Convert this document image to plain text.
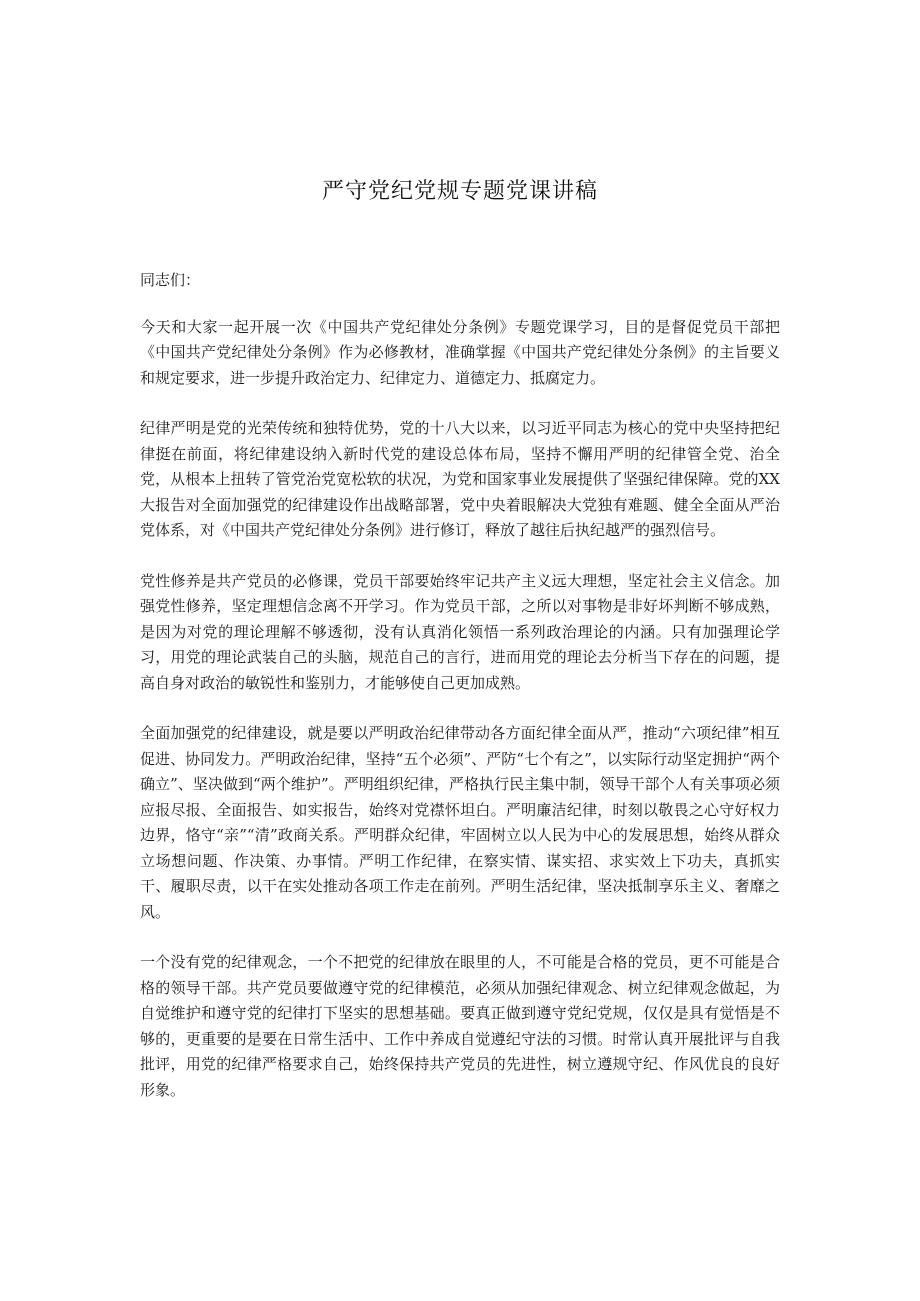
严守党纪党规专题党课讲稿

同志们：

今天和大家一起开展一次《中国共产党纪律处分条例》专题党课学习，目的是督促党员干部把《中国共产党纪律处分条例》作为必修教材，准确掌握《中国共产党纪律处分条例》的主旨要义和规定要求，进一步提升政治定力、纪律定力、道德定力、抵腐定力。

纪律严明是党的光荣传统和独特优势，党的十八大以来，以习近平同志为核心的党中央坚持把纪律挺在前面，将纪律建设纳入新时代党的建设总体布局，坚持不懈用严明的纪律管全党、治全党，从根本上扭转了管党治党宽松软的状况，为党和国家事业发展提供了坚强纪律保障。党的XX大报告对全面加强党的纪律建设作出战略部署，党中央着眼解决大党独有难题、健全全面从严治党体系，对《中国共产党纪律处分条例》进行修订，释放了越往后执纪越严的强烈信号。

党性修养是共产党员的必修课，党员干部要始终牢记共产主义远大理想，坚定社会主义信念。加强党性修养，坚定理想信念离不开学习。作为党员干部，之所以对事物是非好坏判断不够成熟，是因为对党的理论理解不够透彻，没有认真消化领悟一系列政治理论的内涵。只有加强理论学习，用党的理论武装自己的头脑，规范自己的言行，进而用党的理论去分析当下存在的问题，提高自身对政治的敏锐性和鉴别力，才能够使自己更加成熟。

全面加强党的纪律建设，就是要以严明政治纪律带动各方面纪律全面从严，推动“六项纪律”相互促进、协同发力。严明政治纪律，坚持“五个必须”、严防“七个有之”，以实际行动坚定拥护“两个确立”、坚决做到“两个维护”。严明组织纪律，严格执行民主集中制，领导干部个人有关事项必须应报尽报、全面报告、如实报告，始终对党襟怀坦白。严明廉洁纪律，时刻以敬畏之心守好权力边界，恪守“亲”“清”政商关系。严明群众纪律，牢固树立以人民为中心的发展思想，始终从群众立场想问题、作决策、办事情。严明工作纪律，在察实情、谋实招、求实效上下功夫，真抓实干、履职尽责，以干在实处推动各项工作走在前列。严明生活纪律，坚决抵制享乐主义、奢靡之风。

一个没有党的纪律观念，一个不把党的纪律放在眼里的人，不可能是合格的党员，更不可能是合格的领导干部。共产党员要做遵守党的纪律模范，必须从加强纪律观念、树立纪律观念做起，为自觉维护和遵守党的纪律打下坚实的思想基础。要真正做到遵守党纪党规，仅仅是具有觉悟是不够的，更重要的是要在日常生活中、工作中养成自觉遵纪守法的习惯。时常认真开展批评与自我批评，用党的纪律严格要求自己，始终保持共产党员的先进性，树立遵规守纪、作风优良的良好形象。
